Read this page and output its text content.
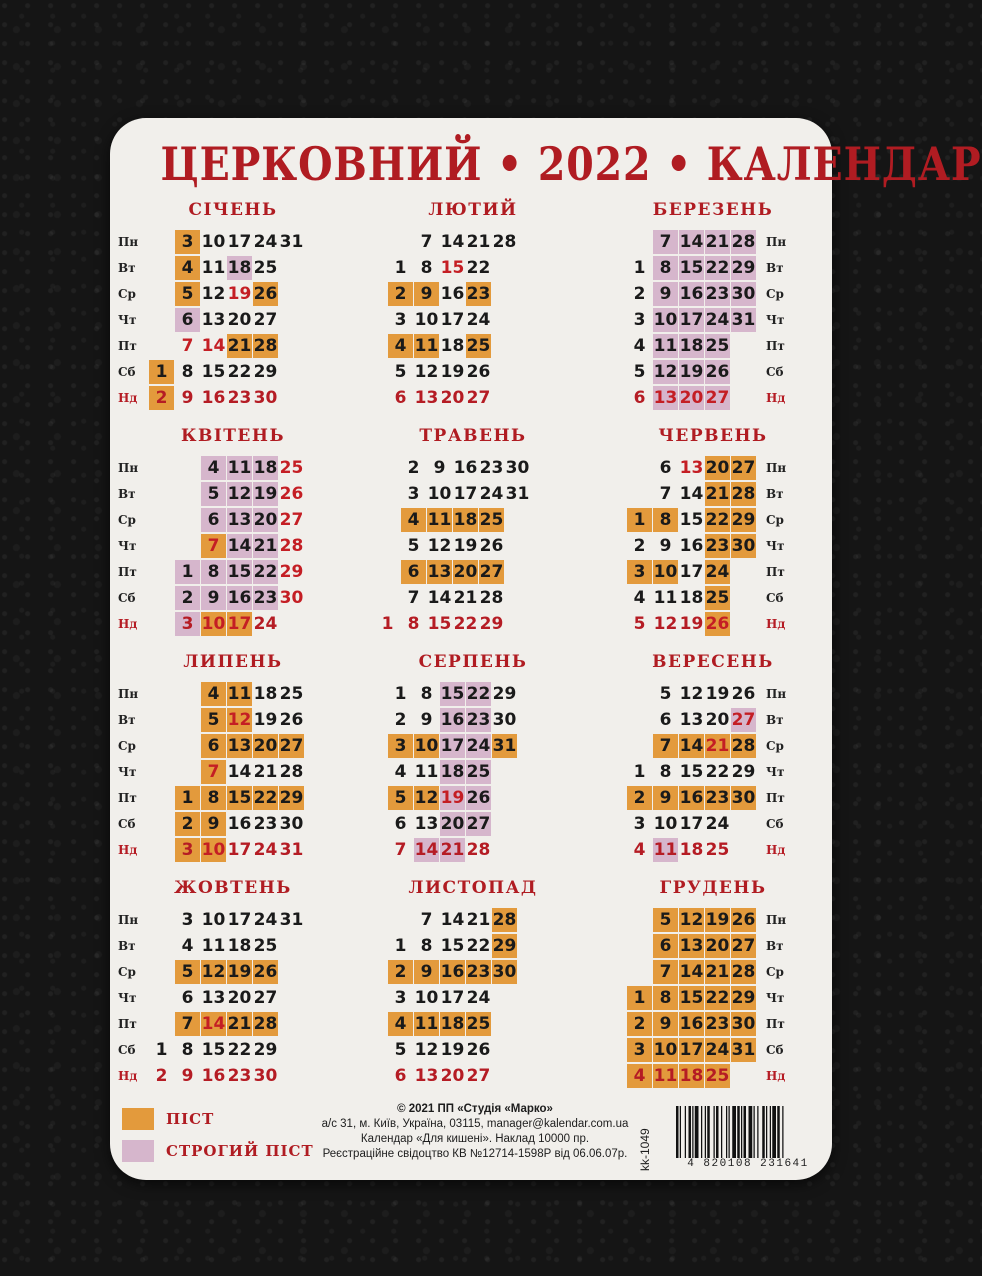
ЦЕРКОВНИЙ • 2022 • КАЛЕНДАР
СІЧЕНЬ
Пн
Вт
Ср
Чт
Пт
Сб
Нд
1
2
3
4
5
6
7
8
9
10
11
12
13
14
15
16
17
18
19
20
21
22
23
24
25
26
27
28
29
30
31
ЛЮТИЙ
1
2
3
4
5
6
7
8
9
10
11
12
13
14
15
16
17
18
19
20
21
22
23
24
25
26
27
28
БЕРЕЗЕНЬ
Пн
Вт
Ср
Чт
Пт
Сб
Нд
1
2
3
4
5
6
7
8
9
10
11
12
13
14
15
16
17
18
19
20
21
22
23
24
25
26
27
28
29
30
31
КВІТЕНЬ
Пн
Вт
Ср
Чт
Пт
Сб
Нд
1
2
3
4
5
6
7
8
9
10
11
12
13
14
15
16
17
18
19
20
21
22
23
24
25
26
27
28
29
30
ТРАВЕНЬ
1
2
3
4
5
6
7
8
9
10
11
12
13
14
15
16
17
18
19
20
21
22
23
24
25
26
27
28
29
30
31
ЧЕРВЕНЬ
Пн
Вт
Ср
Чт
Пт
Сб
Нд
1
2
3
4
5
6
7
8
9
10
11
12
13
14
15
16
17
18
19
20
21
22
23
24
25
26
27
28
29
30
ЛИПЕНЬ
Пн
Вт
Ср
Чт
Пт
Сб
Нд
1
2
3
4
5
6
7
8
9
10
11
12
13
14
15
16
17
18
19
20
21
22
23
24
25
26
27
28
29
30
31
СЕРПЕНЬ
1
2
3
4
5
6
7
8
9
10
11
12
13
14
15
16
17
18
19
20
21
22
23
24
25
26
27
28
29
30
31
ВЕРЕСЕНЬ
Пн
Вт
Ср
Чт
Пт
Сб
Нд
1
2
3
4
5
6
7
8
9
10
11
12
13
14
15
16
17
18
19
20
21
22
23
24
25
26
27
28
29
30
ЖОВТЕНЬ
Пн
Вт
Ср
Чт
Пт
Сб
Нд
1
2
3
4
5
6
7
8
9
10
11
12
13
14
15
16
17
18
19
20
21
22
23
24
25
26
27
28
29
30
31
ЛИСТОПАД
1
2
3
4
5
6
7
8
9
10
11
12
13
14
15
16
17
18
19
20
21
22
23
24
25
26
27
28
29
30
ГРУДЕНЬ
Пн
Вт
Ср
Чт
Пт
Сб
Нд
1
2
3
4
5
6
7
8
9
10
11
12
13
14
15
16
17
18
19
20
21
22
23
24
25
26
27
28
29
30
31
ПІСТ
СТРОГИЙ ПІСТ
© 2021 ПП «Студія «Марко»
а/с 31, м. Київ, Україна, 03115, manager@kalendar.com.ua
Календар «Для кишені». Наклад 10000 пр.
Реєстраційне свідоцтво КВ №12714-1598Р від 06.06.07р. kk-1049	4 820108 231641
